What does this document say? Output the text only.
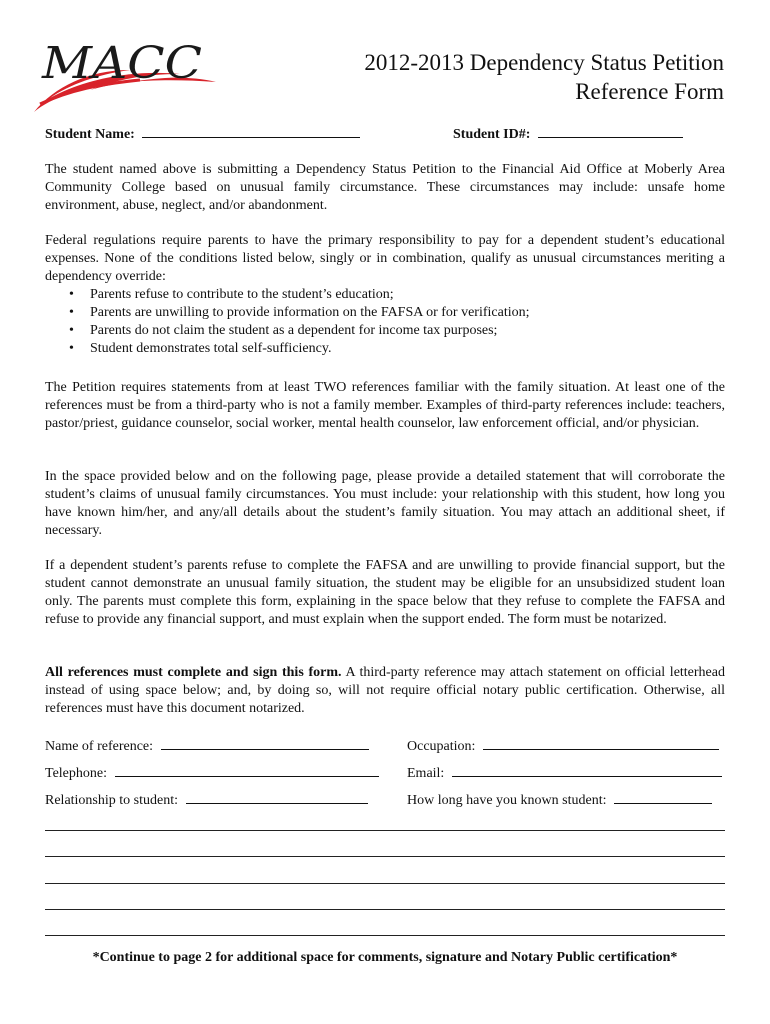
MACC	2012-2013 Dependency Status Petition
Reference Form
Student Name:	Student ID#:

The student named above is submitting a Dependency Status Petition to the Financial Aid Office at Moberly Area Community College based on unusual family circumstance. These circumstances may include: unsafe home environment, abuse, neglect, and/or abandonment.

Federal regulations require parents to have the primary responsibility to pay for a dependent student’s educational expenses. None of the conditions listed below, singly or in combination, qualify as unusual circumstances meriting a dependency override:
• Parents refuse to contribute to the student’s education;
• Parents are unwilling to provide information on the FAFSA or for verification;
• Parents do not claim the student as a dependent for income tax purposes;
• Student demonstrates total self-sufficiency.

The Petition requires statements from at least TWO references familiar with the family situation. At least one of the references must be from a third-party who is not a family member. Examples of third-party references include: teachers, pastor/priest, guidance counselor, social worker, mental health counselor, law enforcement official, and/or physician.

In the space provided below and on the following page, please provide a detailed statement that will corroborate the student’s claims of unusual family circumstances. You must include: your relationship with this student, how long you have known him/her, and any/all details about the student’s family situation. You may attach an additional sheet, if necessary.

If a dependent student’s parents refuse to complete the FAFSA and are unwilling to provide financial support, but the student cannot demonstrate an unusual family situation, the student may be eligible for an unsubsidized student loan only. The parents must complete this form, explaining in the space below that they refuse to complete the FAFSA and refuse to provide any financial support, and must explain when the support ended. The form must be notarized.

All references must complete and sign this form. A third-party reference may attach statement on official letterhead instead of using space below; and, by doing so, will not require official notary public certification. Otherwise, all references must have this document notarized.

Name of reference:	Occupation:
Telephone:	Email:
Relationship to student:	How long have you known student:
*Continue to page 2 for additional space for comments, signature and Notary Public certification*
